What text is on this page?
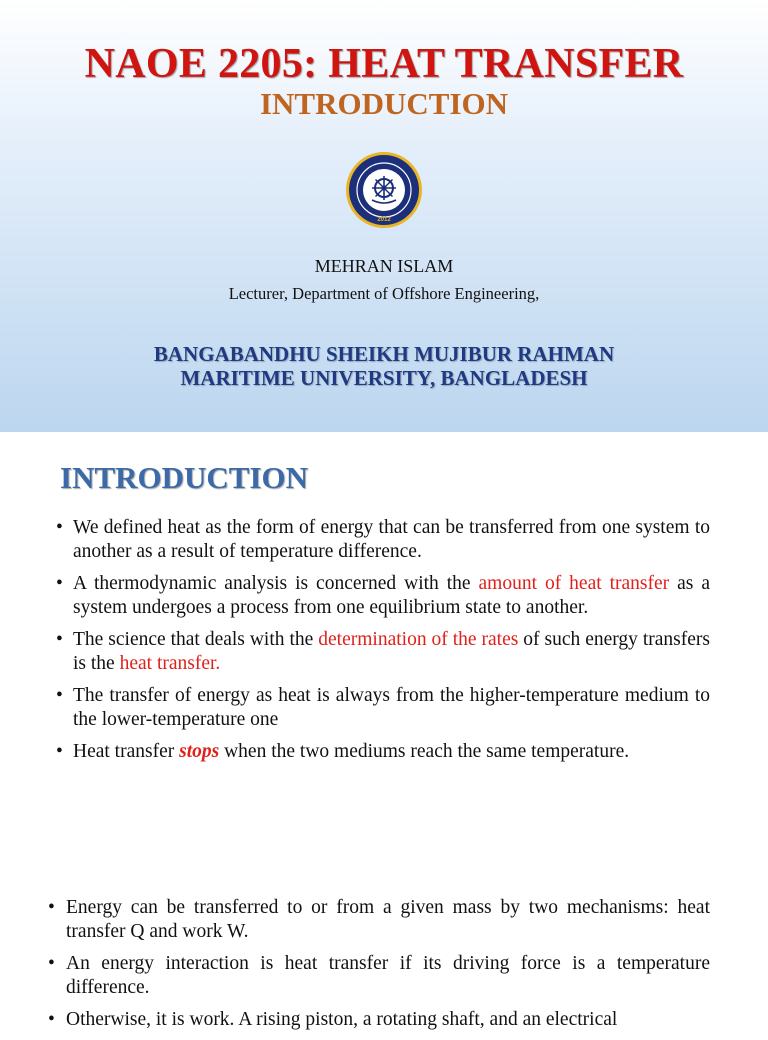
NAOE 2205: HEAT TRANSFER
INTRODUCTION
2012
MEHRAN ISLAM
Lecturer, Department of Offshore Engineering,
BANGABANDHU SHEIKH MUJIBUR RAHMAN
MARITIME UNIVERSITY, BANGLADESH
INTRODUCTION
• We defined heat as the form of energy that can be transferred from one system to another as a result of temperature difference.
• A thermodynamic analysis is concerned with the amount of heat transfer as a system undergoes a process from one equilibrium state to another.
• The science that deals with the determination of the rates of such energy transfers is the heat transfer.
• The transfer of energy as heat is always from the higher-temperature medium to the lower-temperature one
• Heat transfer stops when the two mediums reach the same temperature.
• Energy can be transferred to or from a given mass by two mechanisms: heat transfer Q and work W.
• An energy interaction is heat transfer if its driving force is a temperature difference.
• Otherwise, it is work. A rising piston, a rotating shaft, and an electrical
